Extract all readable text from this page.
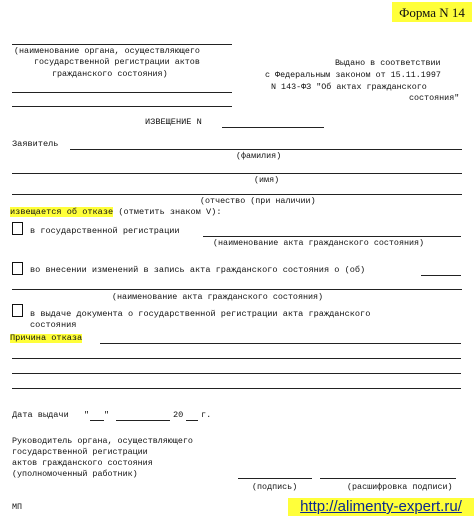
Форма N 14
(наименование органа, осуществляющего
государственной регистрации актов
гражданского состояния)
Выдано в соответствии
с Федеральным законом от 15.11.1997
N 143-ФЗ "Об актах гражданского
состояния"
ИЗВЕЩЕНИЕ N
Заявитель
(фамилия)
(имя)
(отчество (при наличии)
извещается об отказе (отметить знаком V):
в государственной регистрации
(наименование акта гражданского состояния)
во внесении изменений в запись акта гражданского состояния о (об)
(наименование акта гражданского состояния)
в выдаче документа о государственной регистрации акта гражданского
состояния
Причина отказа
Дата выдачи " "	20 г.
Руководитель органа, осуществляющего
государственной регистрации
актов гражданского состояния
(уполномоченный работник)
(подпись)	(расшифровка подписи)
МП	http://alimenty-expert.ru/
